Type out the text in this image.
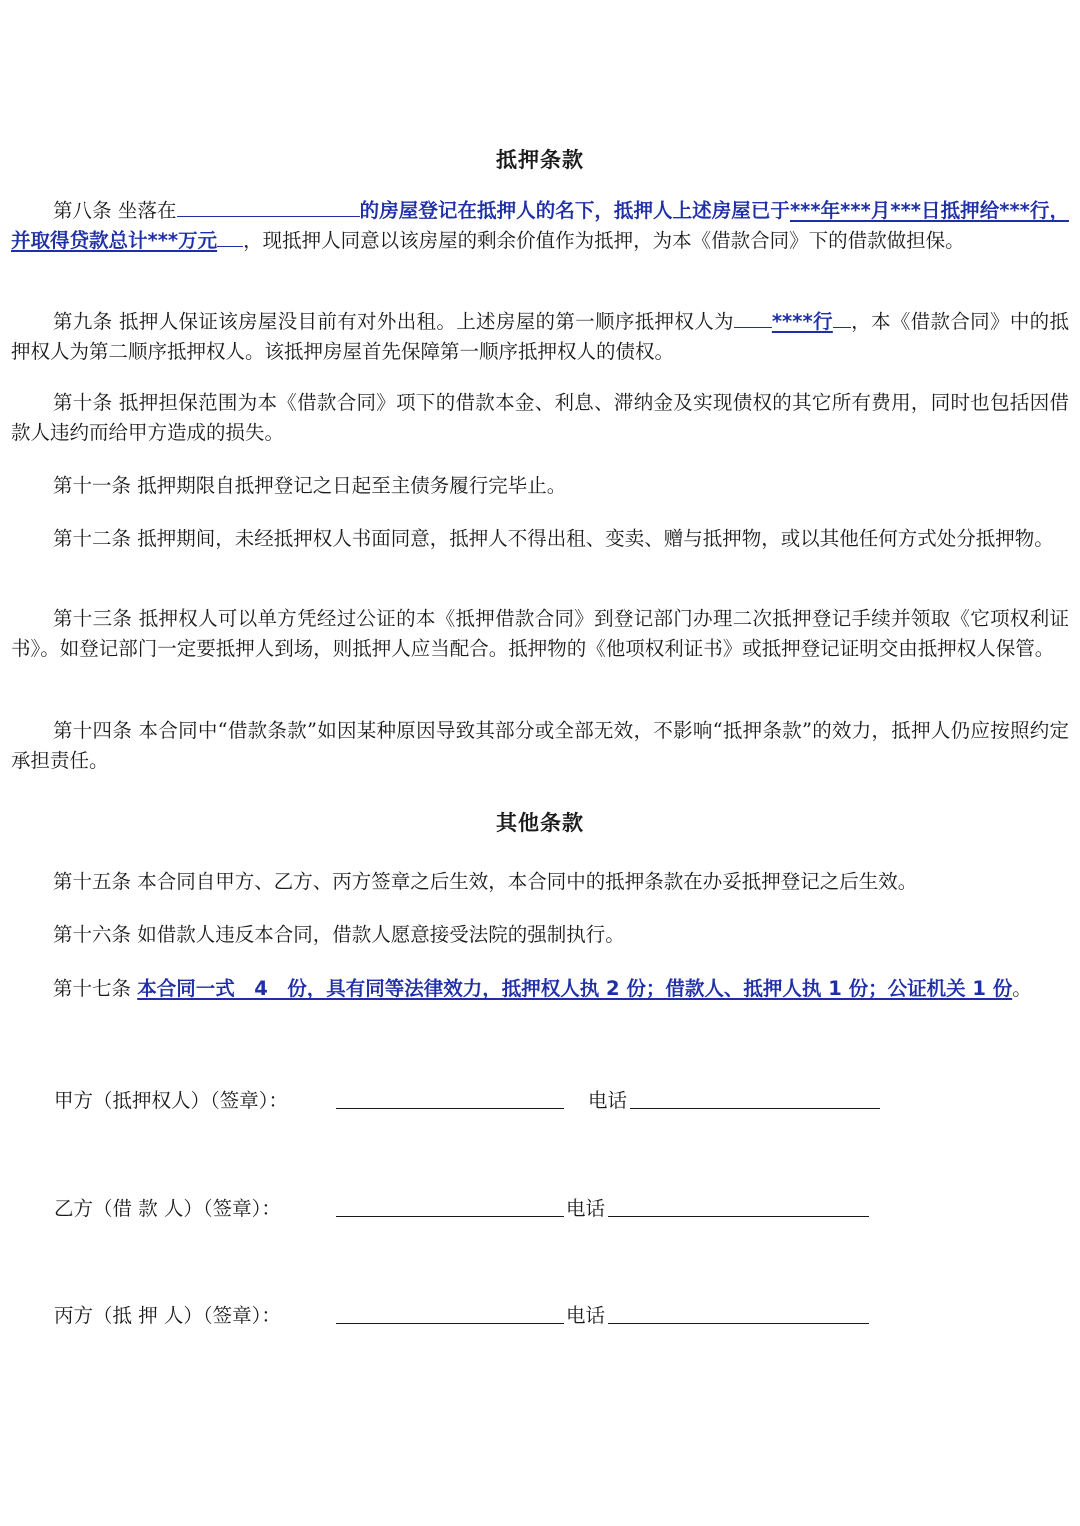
抵押条款

第八条 坐落在	的房屋登记在抵押人的名下，抵押人上述房屋已于***年***月***日抵押给***行，并取得贷款总计***万元 ，现抵押人同意以该房屋的剩余价值作为抵押，为本《借款合同》下的借款做担保。

第九条 抵押人保证该房屋没目前有对外出租。上述房屋的第一顺序抵押权人为 ****行 ，本《借款合同》中的抵押权人为第二顺序抵押权人。该抵押房屋首先保障第一顺序抵押权人的债权。

第十条 抵押担保范围为本《借款合同》项下的借款本金、利息、滞纳金及实现债权的其它所有费用，同时也包括因借款人违约而给甲方造成的损失。

第十一条 抵押期限自抵押登记之日起至主债务履行完毕止。

第十二条 抵押期间，未经抵押权人书面同意，抵押人不得出租、变卖、赠与抵押物，或以其他任何方式处分抵押物。

第十三条 抵押权人可以单方凭经过公证的本《抵押借款合同》到登记部门办理二次抵押登记手续并领取《它项权利证书》。如登记部门一定要抵押人到场，则抵押人应当配合。抵押物的《他项权利证书》或抵押登记证明交由抵押权人保管。

第十四条 本合同中“借款条款”如因某种原因导致其部分或全部无效，不影响“抵押条款”的效力，抵押人仍应按照约定承担责任。

其他条款

第十五条 本合同自甲方、乙方、丙方签章之后生效，本合同中的抵押条款在办妥抵押登记之后生效。

第十六条 如借款人违反本合同，借款人愿意接受法院的强制执行。

第十七条 本合同一式　4　份，具有同等法律效力，抵押权人执 2 份；借款人、抵押人执 1 份；公证机关 1 份。

甲方（抵押权人）（签章）：	电话
乙方（借 款 人）（签章）：	电话
丙方（抵 押 人）（签章）：	电话
